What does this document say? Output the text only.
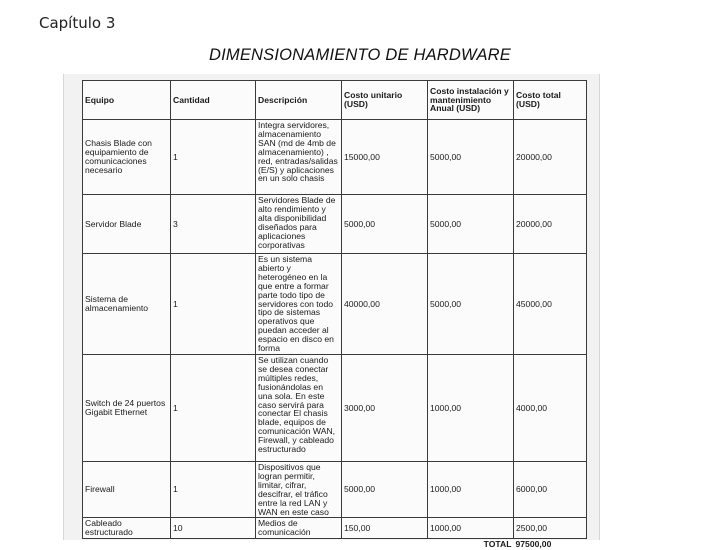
Capítulo 3
DIMENSIONAMIENTO DE HARDWARE
Equipo	Cantidad	Descripción	Costo unitario (USD)	Costo instalación y mantenimiento Anual (USD)	Costo total (USD)
Chasis Blade con equipamiento de comunicaciones necesario	1	Integra servidores, almacenamiento SAN (md de 4mb de almacenamiento) , red, entradas/salidas (E/S) y aplicaciones en un solo chasis	15000,00	5000,00	20000,00
Servidor Blade	3	Servidores Blade de alto rendimiento y alta disponibilidad diseñados para aplicaciones corporativas	5000,00	5000,00	20000,00
Sistema de almacenamiento	1	Es un sistema abierto y heterogéneo en la que entre a formar parte todo tipo de servidores con todo tipo de sistemas operativos que puedan acceder al espacio en disco en forma	40000,00	5000,00	45000,00
Switch de 24 puertos Gigabit Ethernet	1	Se utilizan cuando se desea conectar múltiples redes, fusionándolas en una sola. En este caso servirá para conectar El chasis blade, equipos de comunicación WAN, Firewall, y cableado estructurado	3000,00	1000,00	4000,00
Firewall	1	Dispositivos que logran permitir, limitar, cifrar, descifrar, el tráfico entre la red LAN y WAN en este caso	5000,00	1000,00	6000,00
Cableado estructurado	10	Medios de comunicación	150,00	1000,00	2500,00
				TOTAL	97500,00
